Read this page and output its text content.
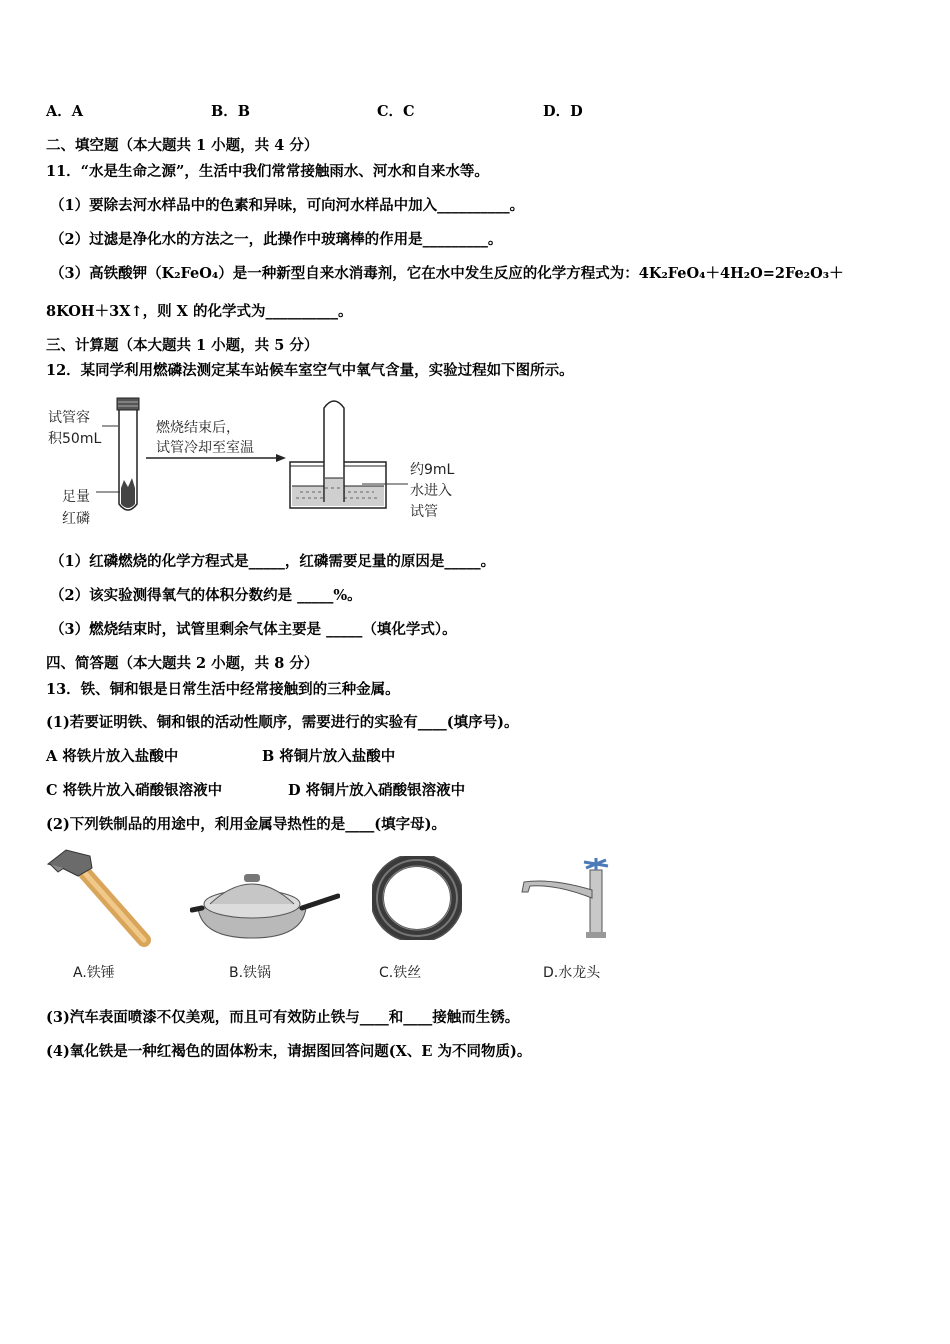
A．A	B．B	C．C	D．D
二、填空题（本大题共 1 小题，共 4 分）
11．“水是生命之源”，生活中我们常常接触雨水、河水和自来水等。
（1）要除去河水样品中的色素和异味，可向河水样品中加入__________。
（2）过滤是净化水的方法之一，此操作中玻璃棒的作用是_________。
（3）高铁酸钾（K₂FeO₄）是一种新型自来水消毒剂，它在水中发生反应的化学方程式为：4K₂FeO₄＋4H₂O=2Fe₂O₃＋
8KOH＋3X↑，则 X 的化学式为__________。
三、计算题（本大题共 1 小题，共 5 分）
12．某同学利用燃磷法测定某车站候车室空气中氧气含量，实验过程如下图所示。
试管容
积50mL
足量
红磷
燃烧结束后，
试管冷却至室温
约9mL
水进入
试管
（1）红磷燃烧的化学方程式是_____，红磷需要足量的原因是_____。
（2）该实验测得氧气的体积分数约是 _____%。
（3）燃烧结束时，试管里剩余气体主要是 _____（填化学式）。
四、简答题（本大题共 2 小题，共 8 分）
13．铁、铜和银是日常生活中经常接触到的三种金属。
(1)若要证明铁、铜和银的活动性顺序，需要进行的实验有____(填序号)。
A 将铁片放入盐酸中	B 将铜片放入盐酸中
C 将铁片放入硝酸银溶液中	D 将铜片放入硝酸银溶液中
(2)下列铁制品的用途中，利用金属导热性的是____(填字母)。
A.铁锤	B.铁锅	C.铁丝	D.水龙头
(3)汽车表面喷漆不仅美观，而且可有效防止铁与____和____接触而生锈。
(4)氧化铁是一种红褐色的固体粉末，请据图回答问题(X、E 为不同物质)。
